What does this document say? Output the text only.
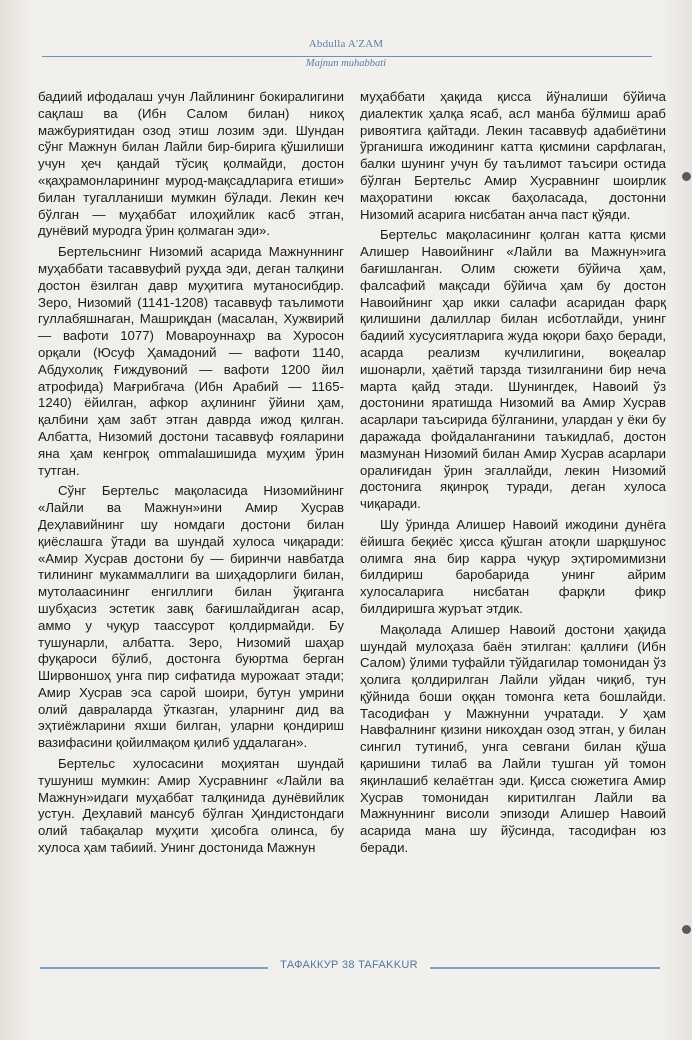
Abdulla A'ZAM
Majnun muhabbati

бадиий ифодалаш учун Лайлининг бокиралигини сақлаш ва (Ибн Салом билан) никоҳ мажбуриятидан озод этиш лозим эди. Шундан сўнг Мажнун билан Лайли бир-бирига қўшилиши учун ҳеч қандай тўсиқ қолмайди, достон «қаҳрамонларининг мурод-мақсадларига етиши» билан тугалланиши мумкин бўлади. Лекин кеч бўлган — муҳаббат илоҳийлик касб этган, дунёвий муродга ўрин қолмаган эди».

Бертельснинг Низомий асарида Мажнуннинг муҳаббати тасаввуфий руҳда эди, деган талқини достон ёзилган давр муҳитига мутаносибдир. Зеро, Низомий (1141-1208) тасаввуф таълимоти гуллабяшнаган, Машриқдан (масалан, Хужвирий — вафоти 1077) Мовароуннаҳр ва Хуросон орқали (Юсуф Ҳамадоний — вафоти 1140, Абдухолиқ Ғиждувоний — вафоти 1200 йил атрофида) Мағрибгача (Ибн Арабий — 1165-1240) ёйилган, афкор аҳлининг ўйини ҳам, қалбини ҳам забт этган даврда ижод қилган. Албатта, Низомий достони тасаввуф ғояларини яна ҳам кенгроқ ommalaшишида муҳим ўрин тутган.

Сўнг Бертельс мақоласида Низомийнинг «Лайли ва Мажнун»ини Амир Хусрав Деҳлавийнинг шу номдаги достони билан қиёслашга ўтади ва шундай хулоса чиқаради: «Амир Хусрав достони бу — биринчи навбатда тилининг мукаммаллиги ва шиҳадорлиги билан, мутолаасининг енгиллиги билан ўқиганга шубҳасиз эстетик завқ бағишлайдиган асар, аммо у чуқур таассурот қолдирмайди. Бу тушунарли, албатта. Зеро, Низомий шаҳар фуқароси бўлиб, достонга буюртма берган Ширвоншоҳ унга пир сифатида мурожаат этади; Амир Хусрав эса сарой шоири, бутун умрини олий давраларда ўтказган, уларнинг дид ва эҳтиёжларини яхши билган, уларни қондириш вазифасини қойилмақом қилиб уддалаган».

Бертельс хулосасини моҳиятан шундай тушуниш мумкин: Амир Хусравнинг «Лайли ва Мажнун»идаги муҳаббат талқинида дунёвийлик устун. Деҳлавий мансуб бўлган Ҳиндистондаги олий табақалар муҳити ҳисобга олинса, бу хулоса ҳам табиий. Унинг достонида Мажнун

муҳаббати ҳақида қисса йўналиши бўйича диалектик ҳалқа ясаб, асл манба бўлмиш араб ривоятига қайтади. Лекин тасаввуф адабиётини ўрганишга ижодининг катта қисмини сарфлаган, балки шунинг учун бу таълимот таъсири остида бўлган Бертельс Амир Хусравнинг шоирлик маҳоратини юксак баҳоласада, достонни Низомий асарига нисбатан анча паст қўяди.

Бертельс мақоласининг қолган катта қисми Алишер Навоийнинг «Лайли ва Мажнун»ига бағишланган. Олим сюжети бўйича ҳам, фалсафий мақсади бўйича ҳам бу достон Навоийнинг ҳар икки салафи асаридан фарқ қилишини далиллар билан исботлайди, унинг бадиий хусусиятларига жуда юқори баҳо беради, асарда реализм кучлилигини, воқеалар ишонарли, ҳаётий тарзда тизилганини бир неча марта қайд этади. Шунингдек, Навоий ўз достонини яратишда Низомий ва Амир Хусрав асарлари таъсирида бўлганини, улардан у ёки бу даражада фойдаланганини таъкидлаб, достон мазмунан Низомий билан Амир Хусрав асарлари оралиғидан ўрин эгаллайди, лекин Низомий достонига яқинроқ туради, деган хулоса чиқаради.

Шу ўринда Алишер Навоий ижодини дунёга ёйишга беқиёс ҳисса қўшган атоқли шарқшунос олимга яна бир карра чуқур эҳтиромимизни билдириш баробарида унинг айрим хулосаларига нисбатан фарқли фикр билдиришга журъат этдик.

Мақолада Алишер Навоий достони ҳақида шундай мулоҳаза баён этилган: қаллиғи (Ибн Салом) ўлими туфайли тўйдагилар томонидан ўз ҳолига қолдирилган Лайли уйдан чиқиб, тун қўйнида боши оққан томонга кета бошлайди. Тасодифан у Мажнунни учратади. У ҳам Навфалнинг қизини никоҳдан озод этган, у билан сингил тутиниб, унга севгани билан қўша қаришини тилаб ва Лайли тушган уй томон яқинлашиб келаётган эди. Қисса сюжетига Амир Хусрав томонидан киритилган Лайли ва Мажнуннинг висоли эпизоди Алишер Навоий асарида мана шу йўсинда, тасодифан юз беради.

ТАФАККУР 38 TAFAKKUR
